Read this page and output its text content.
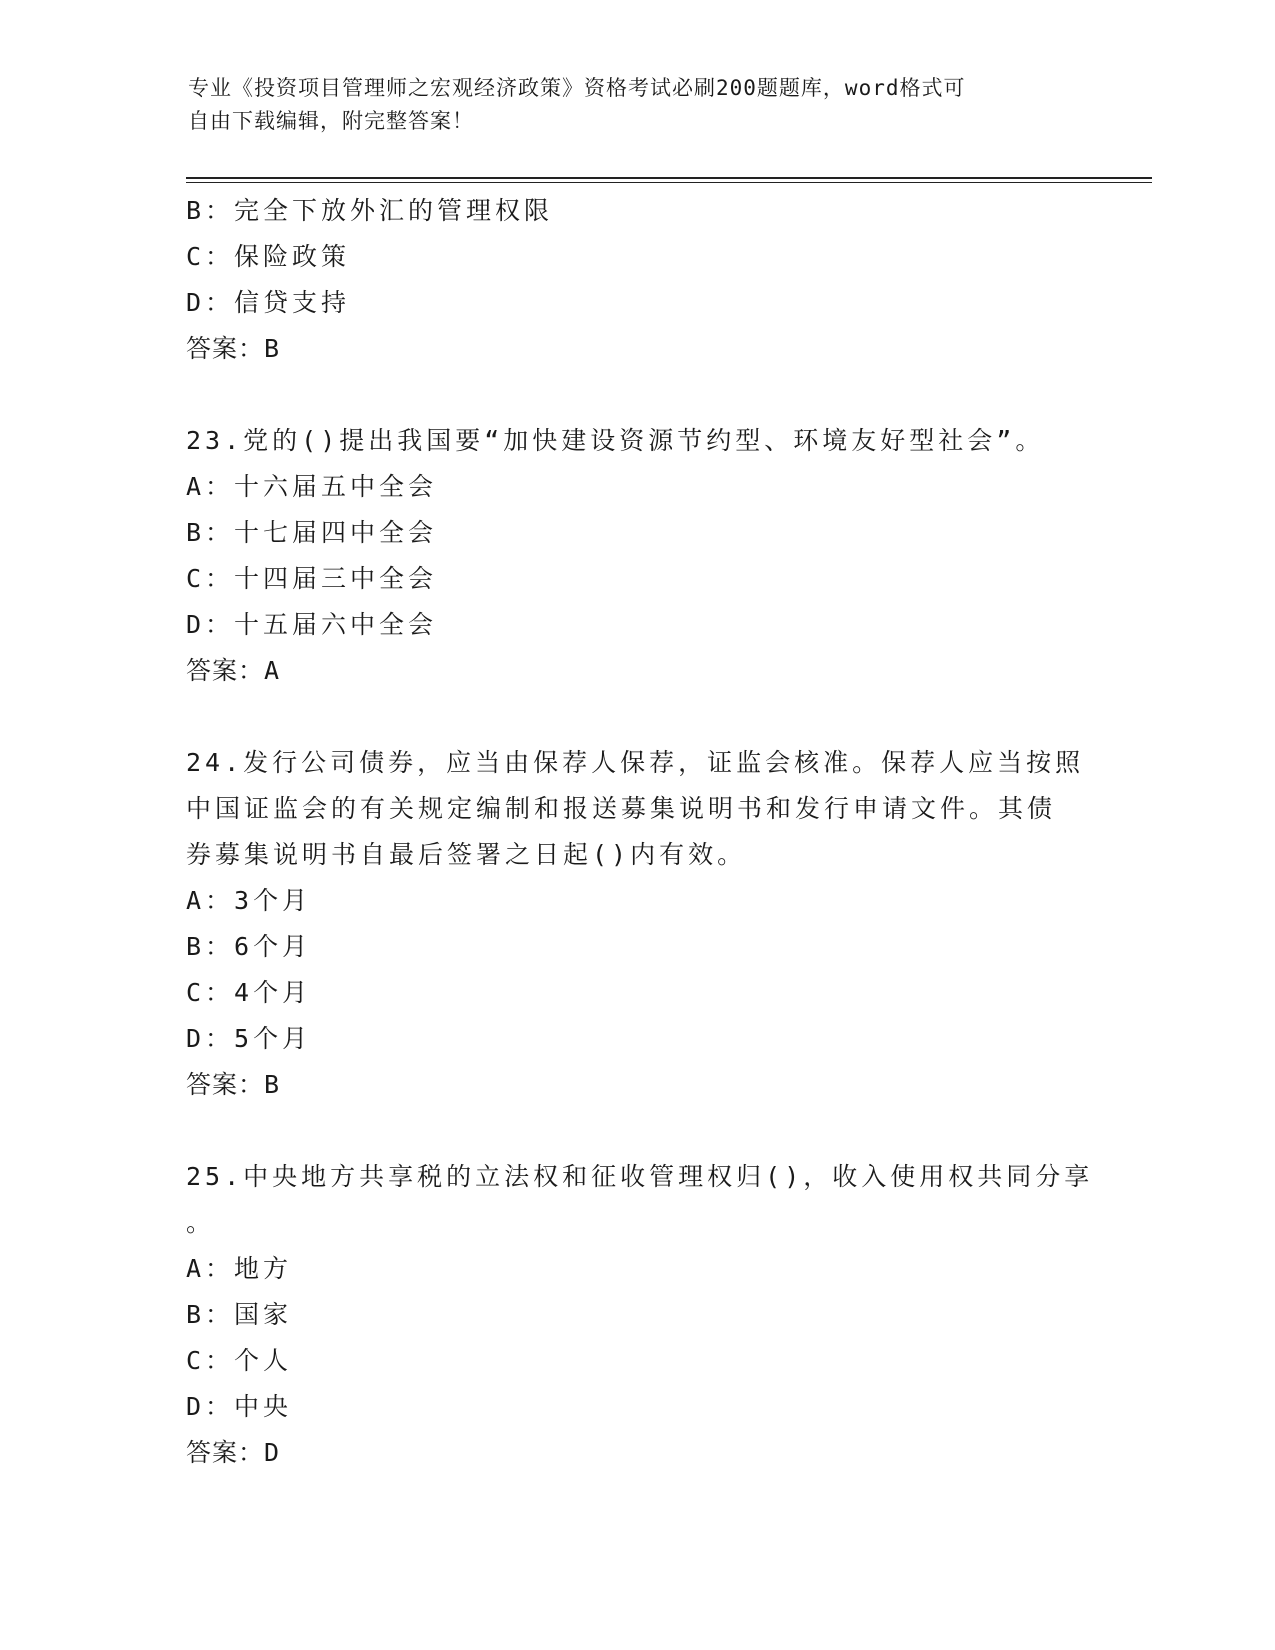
专业《投资项目管理师之宏观经济政策》资格考试必刷200题题库，word格式可
自由下载编辑，附完整答案！
B：完全下放外汇的管理权限
C：保险政策
D：信贷支持
答案：B
23.党的()提出我国要“加快建设资源节约型、环境友好型社会”。
A：十六届五中全会
B：十七届四中全会
C：十四届三中全会
D：十五届六中全会
答案：A
24.发行公司债券，应当由保荐人保荐，证监会核准。保荐人应当按照
中国证监会的有关规定编制和报送募集说明书和发行申请文件。其债
券募集说明书自最后签署之日起()内有效。
A：3个月
B：6个月
C：4个月
D：5个月
答案：B
25.中央地方共享税的立法权和征收管理权归()，收入使用权共同分享
。
A：地方
B：国家
C：个人
D：中央
答案：D
